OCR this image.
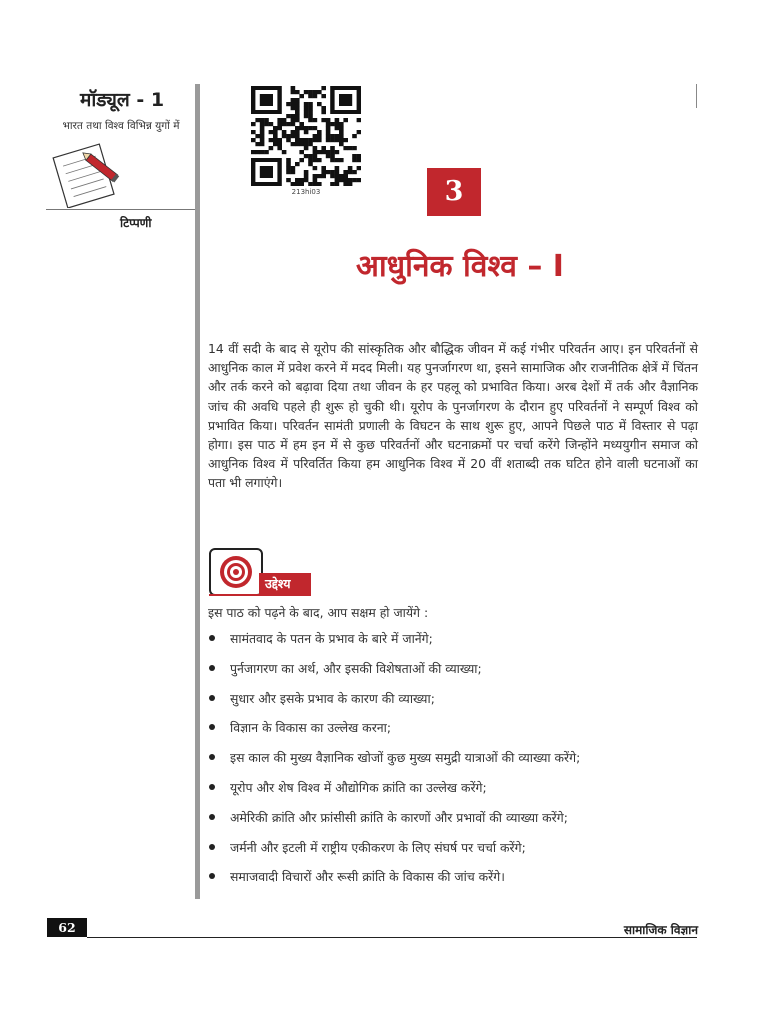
मॉड्यूल - 1
भारत तथा विश्व विभिन्न युगों में
टिप्पणी
213hi03	3
आधुनिक विश्व – I
14 वीं सदी के बाद से यूरोप की सांस्कृतिक और बौद्धिक जीवन में कई गंभीर परिवर्तन आए। इन परिवर्तनों से आधुनिक काल में प्रवेश करने में मदद मिली। यह पुनर्जागरण था, इसने सामाजिक और राजनीतिक क्षेत्रें में चिंतन और तर्क करने को बढ़ावा दिया तथा जीवन के हर पहलू को प्रभावित किया। अरब देशों में तर्क और वैज्ञानिक जांच की अवधि पहले ही शुरू हो चुकी थी। यूरोप के पुनर्जागरण के दौरान हुए परिवर्तनों ने सम्पूर्ण विश्व को प्रभावित किया। परिवर्तन सामंती प्रणाली के विघटन के साथ शुरू हुए, आपने पिछले पाठ में विस्तार से पढ़ा होगा। इस पाठ में हम इन में से कुछ परिवर्तनों और घटनाक्रमों पर चर्चा करेंगे जिन्होंने मध्ययुगीन समाज को आधुनिक विश्व में परिवर्तित किया हम आधुनिक विश्व में 20 वीं शताब्दी तक घटित होने वाली घटनाओं का पता भी लगाएंगे।
उद्देश्य
इस पाठ को पढ़ने के बाद, आप सक्षम हो जायेंगे :
सामंतवाद के पतन के प्रभाव के बारे में जानेंगे;
पुर्नजागरण का अर्थ, और इसकी विशेषताओं की व्याख्या;
सुधार और इसके प्रभाव के कारण की व्याख्या;
विज्ञान के विकास का उल्लेख करना;
इस काल की मुख्य वैज्ञानिक खोजों कुछ मुख्य समुद्री यात्राओं की व्याख्या करेंगे;
यूरोप और शेष विश्व में औद्योगिक क्रांति का उल्लेख करेंगे;
अमेरिकी क्रांति और फ्रांसीसी क्रांति के कारणों और प्रभावों की व्याख्या करेंगे;
जर्मनी और इटली में राष्ट्रीय एकीकरण के लिए संघर्ष पर चर्चा करेंगे;
समाजवादी विचारों और रूसी क्रांति के विकास की जांच करेंगे।
62	सामाजिक विज्ञान
